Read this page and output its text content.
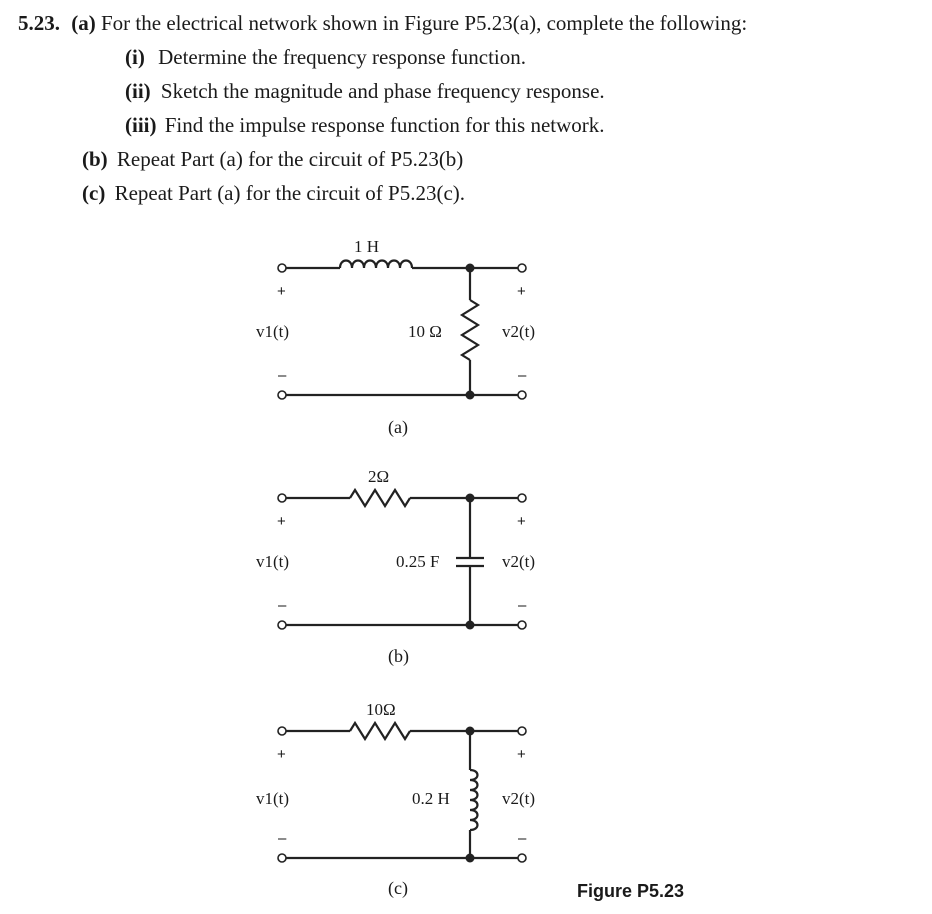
5.23. (a) For the electrical network shown in Figure P5.23(a), complete the following:
(i) Determine the frequency response function.
(ii) Sketch the magnitude and phase frequency response.
(iii) Find the impulse response function for this network.
(b) Repeat Part (a) for the circuit of P5.23(b)
(c) Repeat Part (a) for the circuit of P5.23(c).
1 H
10 Ω
+
–
+
–
v1(t)	v2(t)
(a)
2Ω
0.25 F
+
–
+
–
v1(t)	v2(t)
(b)
10Ω
0.2 H
+
–
+
–
v1(t)	v2(t)
(c)	Figure P5.23
